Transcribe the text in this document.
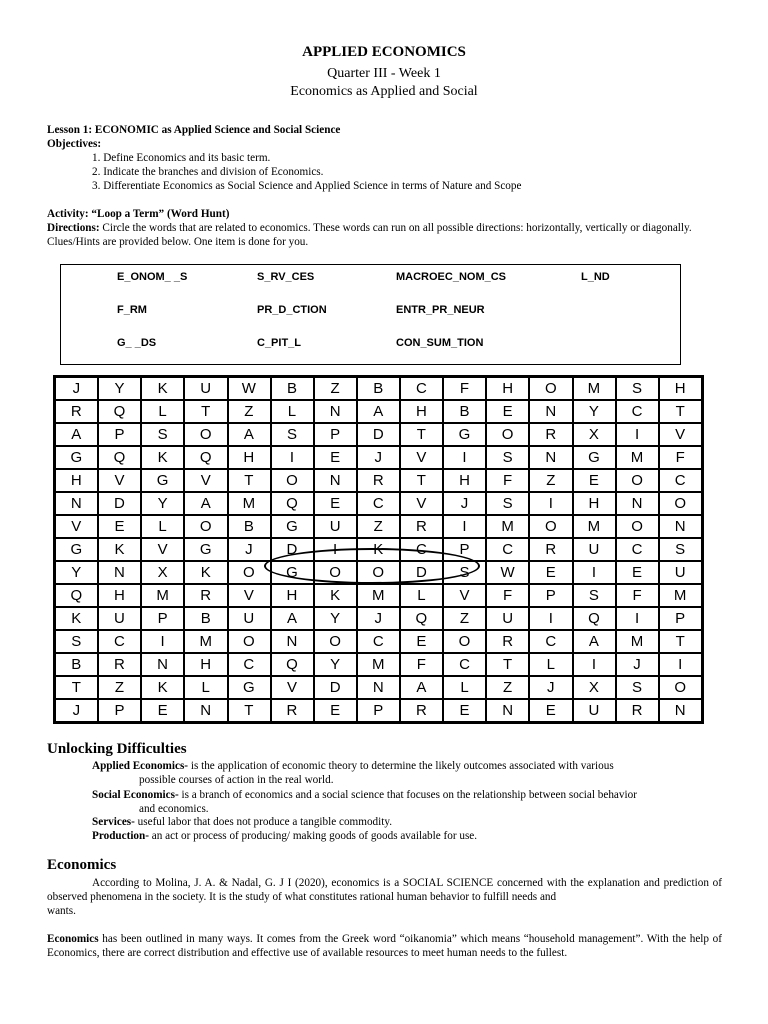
APPLIED ECONOMICS
Quarter III - Week 1
Economics as Applied and Social
Lesson 1: ECONOMIC as Applied Science and Social Science
Objectives:
1. Define Economics and its basic term.
2. Indicate the branches and division of Economics.
3. Differentiate Economics as Social Science and Applied Science in terms of Nature and Scope
Activity: “Loop a Term” (Word Hunt)
Directions: Circle the words that are related to economics. These words can run on all possible directions: horizontally, vertically or diagonally. Clues/Hints are provided below. One item is done for you.
E_ONOM_ _S	S_RV_CES	MACROEC_NOM_CS	L_ND
F_RM	PR_D_CTION	ENTR_PR_NEUR
G_ _DS	C_PIT_L	CON_SUM_TION
J	Y	K	U	W	B	Z	B	C	F	H	O	M	S	H
R	Q	L	T	Z	L	N	A	H	B	E	N	Y	C	T
A	P	S	O	A	S	P	D	T	G	O	R	X	I	V
G	Q	K	Q	H	I	E	J	V	I	S	N	G	M	F
H	V	G	V	T	O	N	R	T	H	F	Z	E	O	C
N	D	Y	A	M	Q	E	C	V	J	S	I	H	N	O
V	E	L	O	B	G	U	Z	R	I	M	O	M	O	N
G	K	V	G	J	D	I	K	C	P	C	R	U	C	S
Y	N	X	K	O	G	O	O	D	S	W	E	I	E	U
Q	H	M	R	V	H	K	M	L	V	F	P	S	F	M
K	U	P	B	U	A	Y	J	Q	Z	U	I	Q	I	P
S	C	I	M	O	N	O	C	E	O	R	C	A	M	T
B	R	N	H	C	Q	Y	M	F	C	T	L	I	J	I
T	Z	K	L	G	V	D	N	A	L	Z	J	X	S	O
J	P	E	N	T	R	E	P	R	E	N	E	U	R	N
Unlocking Difficulties
Applied Economics- is the application of economic theory to determine the likely outcomes associated with various
possible courses of action in the real world.
Social Economics- is a branch of economics and a social science that focuses on the relationship between social behavior
and economics.
Services- useful labor that does not produce a tangible commodity.
Production- an act or process of producing/ making goods of goods available for use.
Economics
According to Molina, J. A. & Nadal, G. J I (2020), economics is a SOCIAL SCIENCE concerned with the explanation and prediction of observed phenomena in the society. It is the study of what constitutes rational human behavior to fulfill needs and
wants.
Economics has been outlined in many ways. It comes from the Greek word “oikanomia” which means “household management”. With the help of Economics, there are correct distribution and effective use of available resources to meet human needs to the fullest.
